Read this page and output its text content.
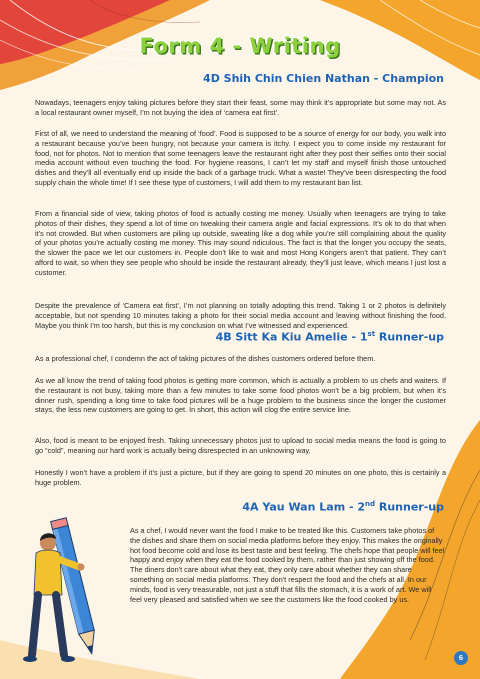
Form 4 - Writing
4D Shih Chin Chien Nathan - Champion

Nowadays, teenagers enjoy taking pictures before they start their feast, some may think it’s appropriate but some may not. As a local restaurant owner myself, I’m not buying the idea of ‘camera eat first’.

First of all, we need to understand the meaning of ‘food’. Food is supposed to be a source of energy for our body, you walk into a restaurant because you’ve been hungry, not because your camera is itchy. I expect you to come inside my restaurant for food, not for photos. Not to mention that some teenagers leave the restaurant right after they post their selfies onto their social media account without even touching the food. For hygiene reasons, I can’t let my staff and myself finish those untouched dishes and they’ll all eventually end up inside the back of a garbage truck. What a waste! They’ve been disrespecting the food supply chain the whole time! If I see these type of customers, I will add them to my restaurant ban list.

From a financial side of view, taking photos of food is actually costing me money. Usually when teenagers are trying to take photos of their dishes, they spend a lot of time on tweaking their camera angle and facial expressions. It’s ok to do that when it’s not crowded. But when customers are piling up outside, sweating like a dog while you’re still complaining about the quality of your photos you’re actually costing me money. This may sound ridiculous. The fact is that the longer you occupy the seats, the slower the pace we let our customers in. People don’t like to wait and most Hong Kongers aren’t that patient. They can’t afford to wait, so when they see people who should be inside the restaurant already, they’ll just leave, which means I just lost a customer.

Despite the prevalence of ‘Camera eat first’, I’m not planning on totally adopting this trend. Taking 1 or 2 photos is definitely acceptable, but not spending 10 minutes taking a photo for their social media account and leaving without finishing the food. Maybe you think I’m too harsh, but this is my conclusion on what I’ve witnessed and experienced.

4B Sitt Ka Kiu Amelie - 1st Runner-up

As a professional chef, I condemn the act of taking pictures of the dishes customers ordered before them.

As we all know the trend of taking food photos is getting more common, which is actually a problem to us chefs and waiters. If the restaurant is not busy, taking more than a few minutes to take some food photos won’t be a big problem, but when it’s dinner rush, spending a long time to take food pictures will be a huge problem to the business since the longer the customer stays, the less new customers are going to get. In short, this action will clog the entire service line.

Also, food is meant to be enjoyed fresh. Taking unnecessary photos just to upload to social media means the food is going to go “cold”, meaning our hard work is actually being disrespected in an unknowing way.

Honestly I won’t have a problem if it’s just a picture, but if they are going to spend 20 minutes on one photo, this is certainly a huge problem.

4A Yau Wan Lam - 2nd Runner-up

As a chef, I would never want the food I make to be treated like this. Customers take photos of the dishes and share them on social media platforms before they enjoy. This makes the originally hot food become cold and lose its best taste and best feeling. The chefs hope that people will feel happy and enjoy when they eat the food cooked by them, rather than just showing off the food. The diners don't care about what they eat, they only care about whether they can share something on social media platforms. They don't respect the food and the chefs at all. In our minds, food is very treasurable, not just a stuff that fills the stomach, it is a work of art. We will feel very pleased and satisfied when we see the customers like the food cooked by us.

6
